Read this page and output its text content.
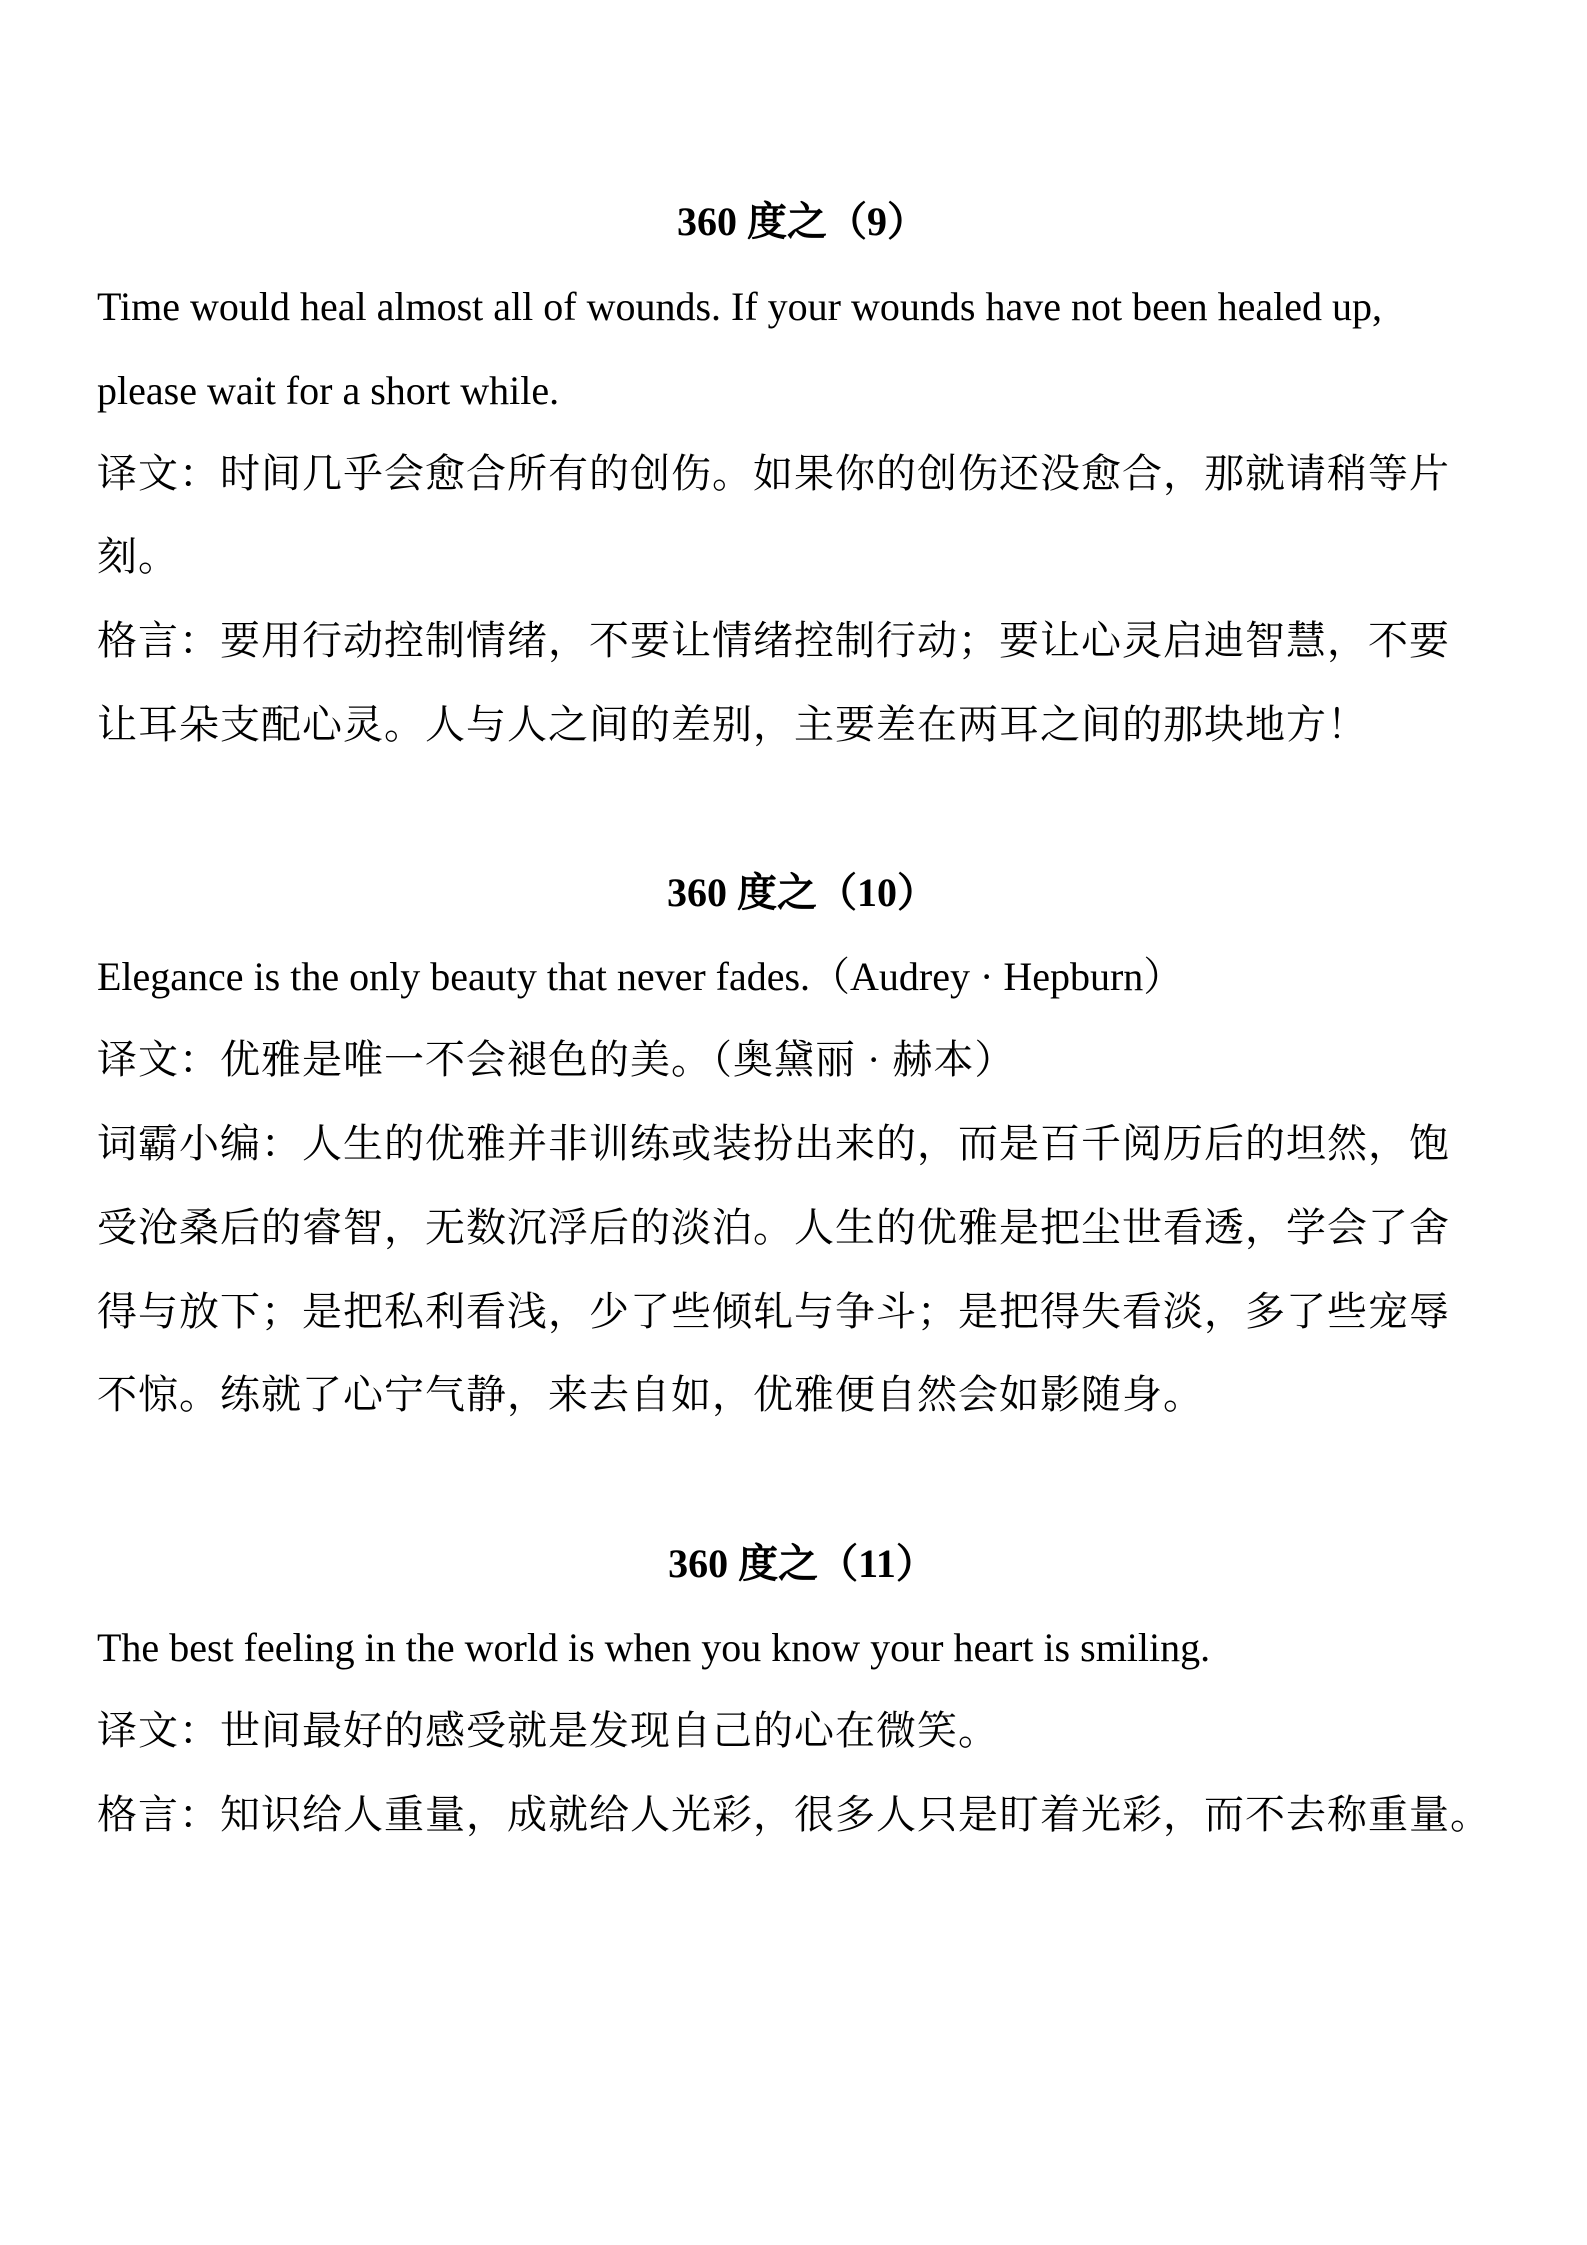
360 度之（9）
Time would heal almost all of wounds. If your wounds have not been healed up,
please wait for a short while.
译文：时间几乎会愈合所有的创伤。如果你的创伤还没愈合，那就请稍等片
刻。
格言：要用行动控制情绪，不要让情绪控制行动；要让心灵启迪智慧，不要
让耳朵支配心灵。人与人之间的差别，主要差在两耳之间的那块地方！
360 度之（10）
Elegance is the only beauty that never fades.（Audrey · Hepburn）
译文：优雅是唯一不会褪色的美。（奥黛丽 · 赫本）
词霸小编：人生的优雅并非训练或装扮出来的，而是百千阅历后的坦然，饱
受沧桑后的睿智，无数沉浮后的淡泊。人生的优雅是把尘世看透，学会了舍
得与放下；是把私利看浅，少了些倾轧与争斗；是把得失看淡，多了些宠辱
不惊。练就了心宁气静，来去自如，优雅便自然会如影随身。
360 度之（11）
The best feeling in the world is when you know your heart is smiling.
译文：世间最好的感受就是发现自己的心在微笑。
格言：知识给人重量，成就给人光彩，很多人只是盯着光彩，而不去称重量。
